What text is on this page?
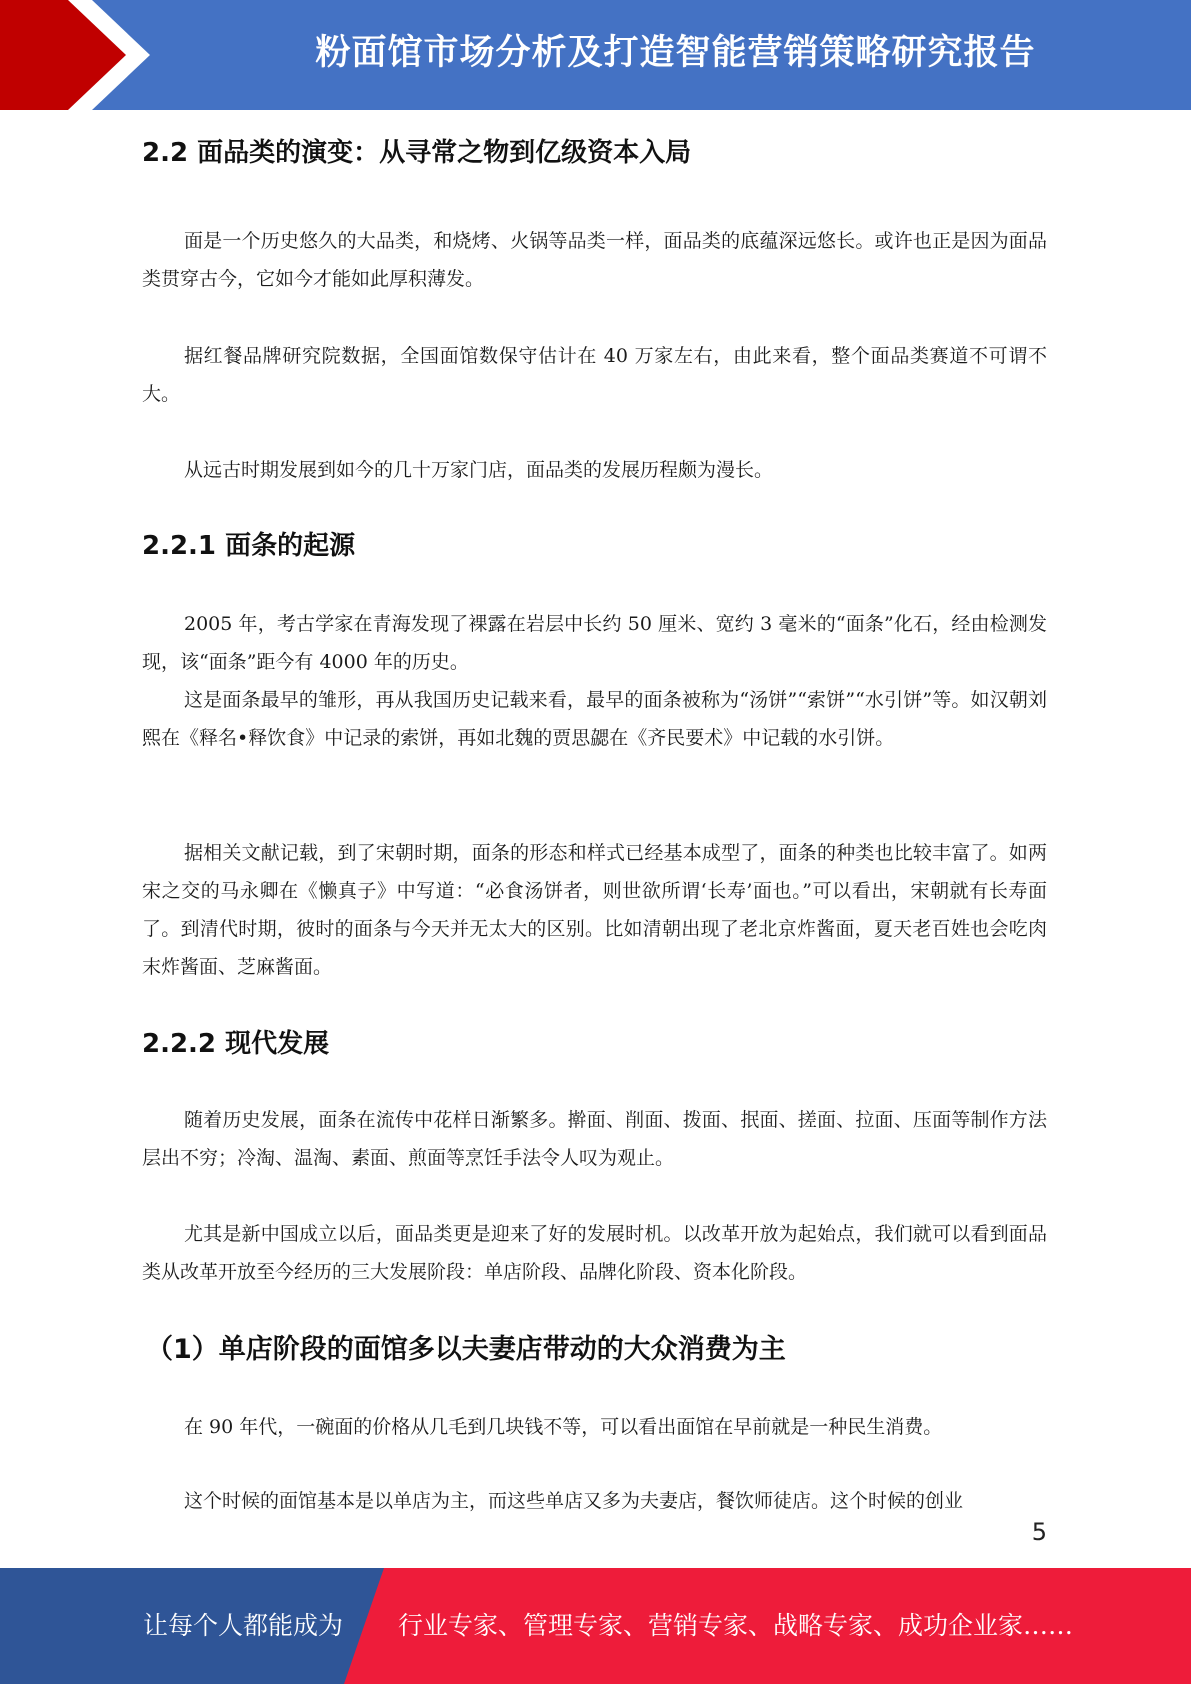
粉面馆市场分析及打造智能营销策略研究报告
2.2 面品类的演变：从寻常之物到亿级资本入局
面是一个历史悠久的大品类，和烧烤、火锅等品类一样，面品类的底蕴深远悠长。或许也正是因为面品类贯穿古今，它如今才能如此厚积薄发。
据红餐品牌研究院数据，全国面馆数保守估计在 40 万家左右，由此来看，整个面品类赛道不可谓不大。
从远古时期发展到如今的几十万家门店，面品类的发展历程颇为漫长。
2.2.1 面条的起源
2005 年，考古学家在青海发现了裸露在岩层中长约 50 厘米、宽约 3 毫米的“面条”化石，经由检测发现，该“面条”距今有 4000 年的历史。
这是面条最早的雏形，再从我国历史记载来看，最早的面条被称为“汤饼”“索饼”“水引饼”等。如汉朝刘熙在《释名•释饮食》中记录的索饼，再如北魏的贾思勰在《齐民要术》中记载的水引饼。
据相关文献记载，到了宋朝时期，面条的形态和样式已经基本成型了，面条的种类也比较丰富了。如两宋之交的马永卿在《懒真子》中写道：“必食汤饼者，则世欲所谓‘长寿’面也。”可以看出，宋朝就有长寿面了。到清代时期，彼时的面条与今天并无太大的区别。比如清朝出现了老北京炸酱面，夏天老百姓也会吃肉末炸酱面、芝麻酱面。
2.2.2 现代发展
随着历史发展，面条在流传中花样日渐繁多。擀面、削面、拨面、抿面、搓面、拉面、压面等制作方法层出不穷；冷淘、温淘、素面、煎面等烹饪手法令人叹为观止。
尤其是新中国成立以后，面品类更是迎来了好的发展时机。以改革开放为起始点，我们就可以看到面品类从改革开放至今经历的三大发展阶段：单店阶段、品牌化阶段、资本化阶段。
（1）单店阶段的面馆多以夫妻店带动的大众消费为主
在 90 年代，一碗面的价格从几毛到几块钱不等，可以看出面馆在早前就是一种民生消费。
这个时候的面馆基本是以单店为主，而这些单店又多为夫妻店，餐饮师徒店。这个时候的创业
5
让每个人都能成为 行业专家、管理专家、营销专家、战略专家、成功企业家……
